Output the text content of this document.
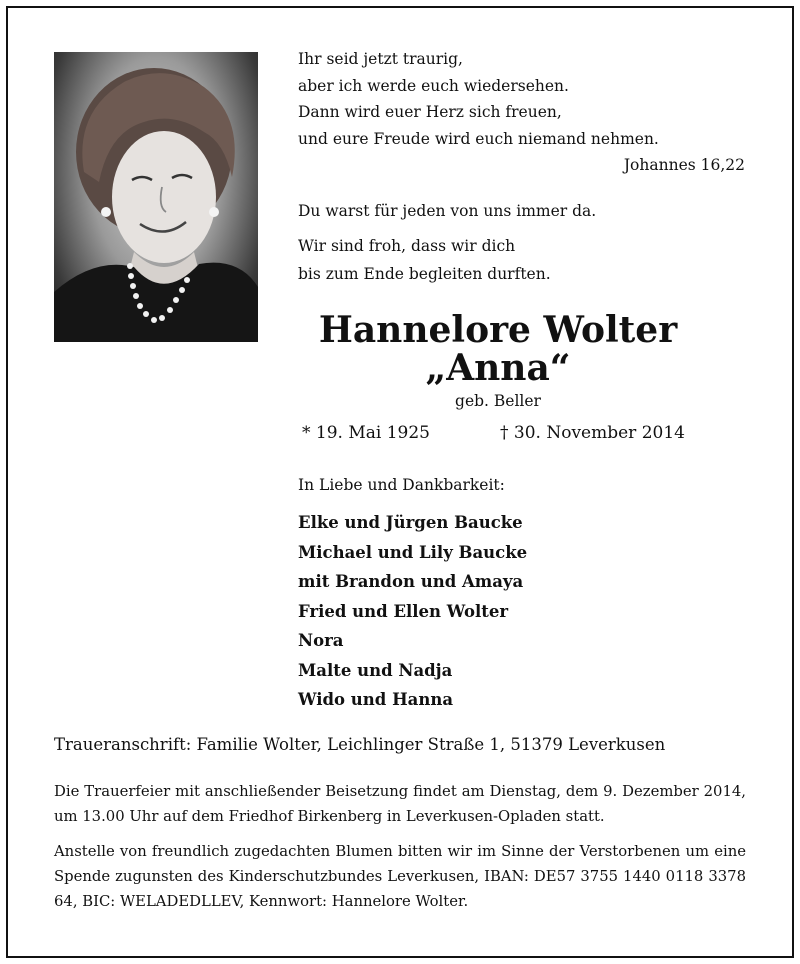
Ihr seid jetzt traurig,
aber ich werde euch wiedersehen.
Dann wird euer Herz sich freuen,
und eure Freude wird euch niemand nehmen.
Johannes 16,22
Du warst für jeden von uns immer da.
Wir sind froh, dass wir dich
bis zum Ende begleiten durften.
Hannelore Wolter
„Anna“
geb. Beller
* 19. Mai 1925	† 30. November 2014
In Liebe und Dankbarkeit:
Elke und Jürgen Baucke
Michael und Lily Baucke
mit Brandon und Amaya
Fried und Ellen Wolter
Nora
Malte und Nadja
Wido und Hanna
Traueranschrift: Familie Wolter, Leichlinger Straße 1, 51379 Leverkusen
Die Trauerfeier mit anschließender Beisetzung findet am Dienstag, dem 9. Dezember 2014, um 13.00 Uhr auf dem Friedhof Birkenberg in Leverkusen-Opladen statt.
Anstelle von freundlich zugedachten Blumen bitten wir im Sinne der Verstorbenen um eine Spende zugunsten des Kinderschutzbundes Leverkusen, IBAN: DE57 3755 1440 0118 3378 64, BIC: WELADEDLLEV, Kennwort: Hannelore Wolter.
